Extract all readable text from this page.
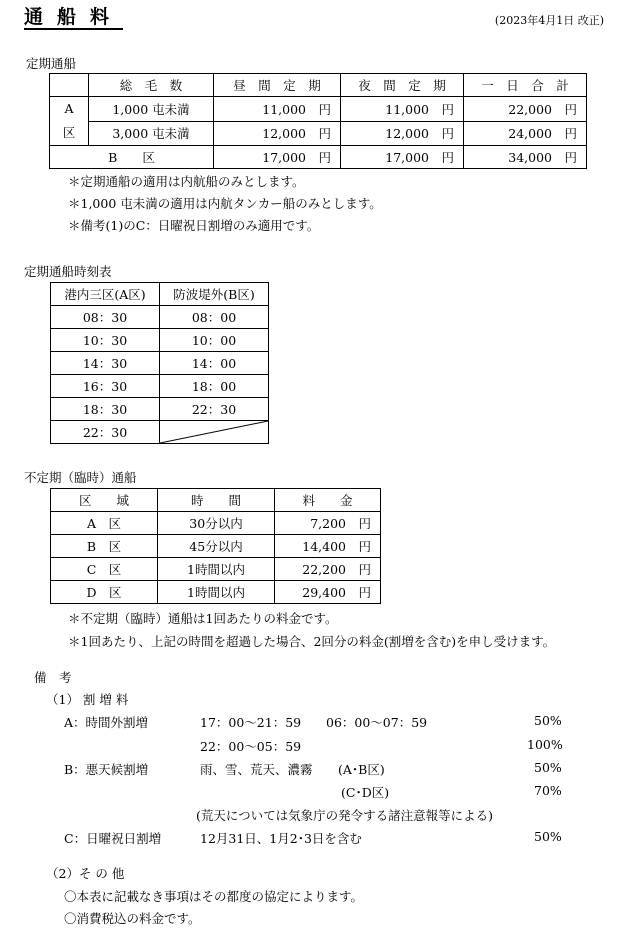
通船料	(2023年4月1日 改正)
定期通船
	総　毛　数	昼　間　定　期	夜　間　定　期	一　日　合　計

A
区	1,000 屯未満	11,000　円	11,000　円	22,000　円
	3,000 屯未満	12,000　円	12,000　円	24,000　円
B　　区		17,000　円	17,000　円	34,000　円
＊定期通船の適用は内航船のみとします。
＊1,000 屯未満の適用は内航タンカー船のみとします。
＊備考(1)のC：日曜祝日割増のみ適用です。
定期通船時刻表
港内三区(A区)	防波堤外(B区)
08：30	08：00
10：30	10：00
14：30	14：00
16：30	18：00
18：30	22：30
22：30	
不定期（臨時）通船
区　　域	時　　間	料　　金
A　区	30分以内	7,200　円
B　区	45分以内	14,400　円
C　区	1時間以内	22,200　円
D　区	1時間以内	29,400　円
＊不定期（臨時）通船は1回あたりの料金です。
＊1回あたり、上記の時間を超過した場合、2回分の料金(割増を含む)を申し受けます。
備　考
（1） 割 増 料
A：時間外割増	17：00～21：59 06：00～07：59	50%
22：00～05：59	100%
B：悪天候割増	雨、雪、荒天、濃霧 (A･B区)	50%
(C･D区)	70%
(荒天については気象庁の発令する諸注意報等による)
C：日曜祝日割増	12月31日、1月2･3日を含む	50%
（2）そ の 他
〇本表に記載なき事項はその都度の協定によります。
〇消費税込の料金です。
